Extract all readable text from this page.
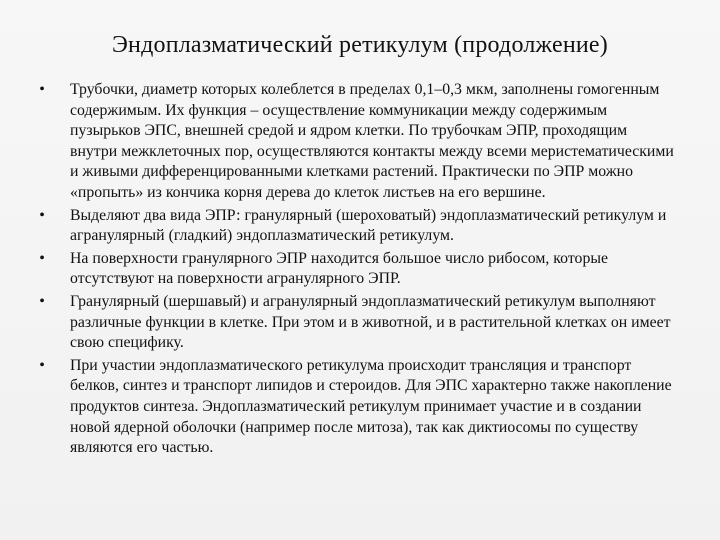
Эндоплазматический ретикулум (продолжение)
• Трубочки, диаметр которых колеблется в пределах 0,1–0,3 мкм, заполнены гомогенным содержимым. Их функция – осуществление коммуникации между содержимым пузырьков ЭПС, внешней средой и ядром клетки. По трубочкам ЭПР, проходящим внутри межклеточных пор, осуществляются контакты между всеми меристематическими и живыми дифференцированными клетками растений. Практически по ЭПР можно «пропыть» из кончика корня дерева до клеток листьев на его вершине.
• Выделяют два вида ЭПР: гранулярный (шероховатый) эндоплазматический ретикулум и агранулярный (гладкий) эндоплазматический ретикулум.
• На поверхности гранулярного ЭПР находится большое число рибосом, которые отсутствуют на поверхности агранулярного ЭПР.
• Гранулярный (шершавый) и агранулярный эндоплазматический ретикулум выполняют различные функции в клетке. При этом и в животной, и в растительной клетках он имеет свою специфику.
• При участии эндоплазматического ретикулума происходит трансляция и транспорт белков, синтез и транспорт липидов и стероидов. Для ЭПС характерно также накопление продуктов синтеза. Эндоплазматический ретикулум принимает участие и в создании новой ядерной оболочки (например после митоза), так как диктиосомы по существу являются его частью.
